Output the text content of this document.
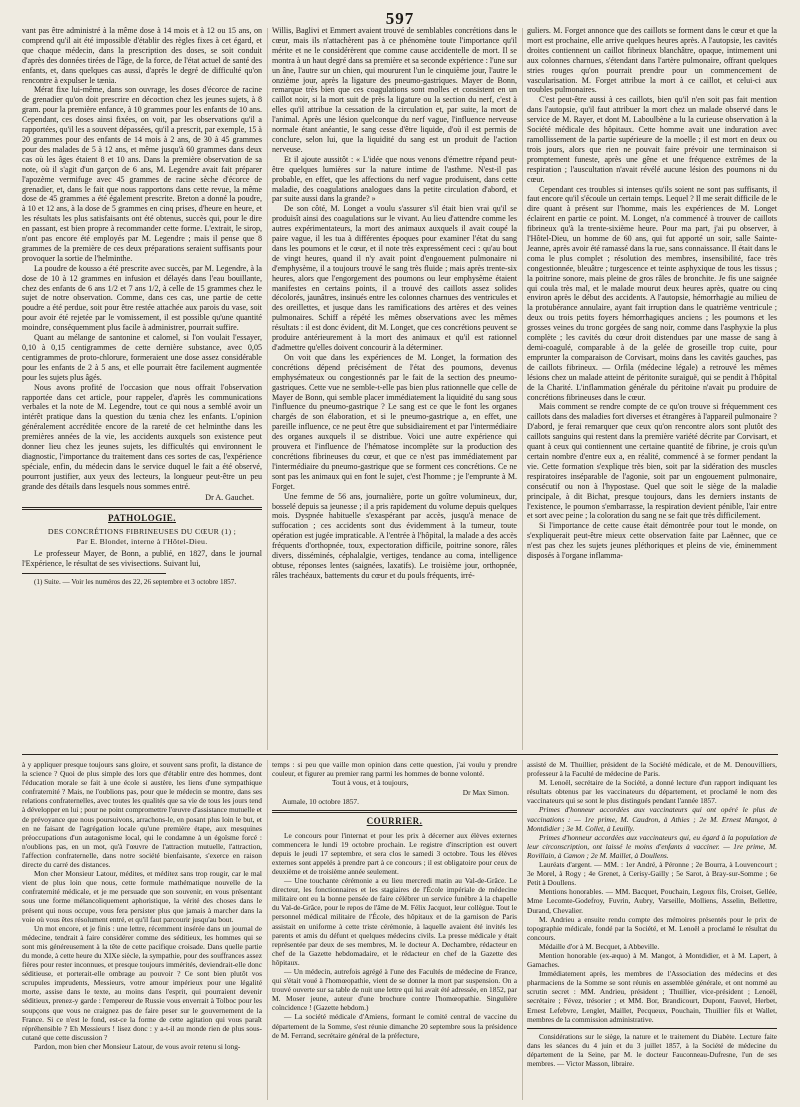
597

vant pas être administré à la même dose à 14 mois et à 12 ou 15 ans, on comprend qu'il ait été impossible d'établir des règles fixes à cet égard, et que chaque médecin, dans la prescription des doses, se soit conduit d'après des données tirées de l'âge, de la force, de l'état actuel de santé des enfants, et, dans quelques cas aussi, d'après le degré de difficulté qu'on rencontre à expulser le tænia.

Mérat fixe lui-même, dans son ouvrage, les doses d'écorce de racine de grenadier qu'on doit prescrire en décoction chez les jeunes sujets, à 8 gram. pour la première enfance, à 10 grammes pour les enfants de 10 ans. Cependant, ces doses ainsi fixées, on voit, par les observations qu'il a rapportées, qu'il les a souvent dépassées, qu'il a prescrit, par exemple, 15 à 20 grammes pour des enfants de 14 mois à 2 ans, de 30 à 45 grammes pour des malades de 5 à 12 ans, et même jusqu'à 60 grammes dans deux cas où les âges étaient 8 et 10 ans. Dans la première observation de sa note, où il s'agit d'un garçon de 6 ans, M. Legendre avait fait préparer l'apozème vermifuge avec 45 grammes de racine sèche d'écorce de grenadier, et, dans le fait que nous rapportons dans cette revue, la même dose de 45 grammes a été également prescrite. Breton a donné la poudre, à 10 et 12 ans, à la dose de 5 grammes en cinq prises, d'heure en heure, et les résultats les plus satisfaisants ont été obtenus, succès qui, pour le dire en passant, est bien propre à recommander cette forme. L'extrait, le sirop, n'ont pas encore été employés par M. Legendre ; mais il pense que 8 grammes de la première de ces deux préparations seraient suffisants pour provoquer la sortie de l'helminthe.

La poudre de kousso a été prescrite avec succès, par M. Legendre, à la dose de 10 à 12 grammes en infusion et délayés dans l'eau bouillante, chez des enfants de 6 ans 1/2 et 7 ans 1/2, à celle de 15 grammes chez le sujet de notre observation. Comme, dans ces cas, une partie de cette poudre a été perdue, soit pour être restée attachée aux parois du vase, soit pour avoir été rejetée par le vomissement, il est possible qu'une quantité moindre, conséquemment plus facile à administrer, pourrait suffire.

Quant au mélange de santonine et calomel, si l'on voulait l'essayer, 0,10 à 0,15 centigrammes de cette dernière substance, avec 0,05 centigrammes de proto-chlorure, formeraient une dose assez considérable pour les enfants de 2 à 5 ans, et elle pourrait être facilement augmentée pour les sujets plus âgés.

Nous avons profité de l'occasion que nous offrait l'observation rapportée dans cet article, pour rappeler, d'après les communications verbales et la note de M. Legendre, tout ce qui nous a semblé avoir un intérêt pratique dans la question du tænia chez les enfants. L'opinion généralement accréditée encore de la rareté de cet helminthe dans les premières années de la vie, les accidents auxquels son existence peut donner lieu chez les jeunes sujets, les difficultés qui environnent le diagnostic, l'importance du traitement dans ces sortes de cas, l'expérience spéciale, enfin, du médecin dans le service duquel le fait a été observé, pourront justifier, aux yeux des lecteurs, la longueur peut-être un peu grande des détails dans lesquels nous sommes entré.

Dr A. Gauchet.
PATHOLOGIE.
DES CONCRÉTIONS FIBRINEUSES DU CŒUR (1) ;
Par E. Blondet, interne à l'Hôtel-Dieu.

Le professeur Mayer, de Bonn, a publié, en 1827, dans le journal l'Expérience, le résultat de ses vivisections. Suivant lui,

(1) Suite. — Voir les numéros des 22, 26 septembre et 3 octobre 1857.

Willis, Baglivi et Emmert avaient trouvé de semblables concrétions dans le cœur, mais ils n'attachèrent pas à ce phénomène toute l'importance qu'il mérite et ne le considérèrent que comme cause accidentelle de mort. Il se montra à un haut degré dans sa première et sa seconde expérience : l'une sur un âne, l'autre sur un chien, qui moururent l'un le cinquième jour, l'autre le onzième jour, après la ligature des pneumo-gastriques. Mayer de Bonn, remarque très bien que ces coagulations sont molles et consistent en un caillot noir, si la mort suit de près la ligature ou la section du nerf, c'est à elles qu'il attribue la cessation de la circulation et, par suite, la mort de l'animal. Après une lésion quelconque du nerf vague, l'influence nerveuse normale étant anéantie, le sang cesse d'être liquide, d'où il est permis de conclure, selon lui, que la liquidité du sang est un produit de l'action nerveuse.

Et il ajoute aussitôt : « L'idée que nous venons d'émettre répand peut-être quelques lumières sur la nature intime de l'asthme. N'est-il pas probable, en effet, que les affections du nerf vague produisent, dans cette maladie, des coagulations analogues dans la petite circulation d'abord, et par suite aussi dans la grande? »

De son côté, M. Longet a voulu s'assurer s'il était bien vrai qu'il se produisît ainsi des coagulations sur le vivant. Au lieu d'attendre comme les autres expérimentateurs, la mort des animaux auxquels il avait coupé la paire vague, il les tua à différentes époques pour examiner l'état du sang dans les poumons et le cœur, et il note très expressément ceci : qu'au bout de vingt heures, quand il n'y avait point d'engouement pulmonaire ni d'emphysème, il a toujours trouvé le sang très fluide ; mais après trente-six heures, alors que l'engorgement des poumons ou leur emphysème étaient manifestes en certains points, il a trouvé des caillots assez solides décolorés, jaunâtres, insinués entre les colonnes charnues des ventricules et des oreillettes, et jusque dans les ramifications des artères et des veines pulmonaires. Schiff a répété les mêmes observations avec les mêmes résultats : il est donc évident, dit M. Longet, que ces concrétions peuvent se produire antérieurement à la mort des animaux et qu'il est rationnel d'admettre qu'elles doivent concourir à la déterminer.

On voit que dans les expériences de M. Longet, la formation des concrétions dépend précisément de l'état des poumons, devenus emphysémateux ou congestionnés par le fait de la section des pneumo-gastriques. Cette vue ne semble-t-elle pas bien plus rationnelle que celle de Mayer de Bonn, qui semble placer immédiatement la liquidité du sang sous l'influence du pneumo-gastrique ? Le sang est ce que le font les organes chargés de son élaboration, et si le pneumo-gastrique a, en effet, une pareille influence, ce ne peut être que subsidiairement et par l'intermédiaire des organes auxquels il se distribue. Voici une autre expérience qui prouvera et l'influence de l'hématose incomplète sur la production des concrétions fibrineuses du cœur, et que ce n'est pas immédiatement par l'intermédiaire du pneumo-gastrique que se forment ces concrétions. Ce ne sont pas les animaux qui en font le sujet, c'est l'homme ; je l'emprunte à M. Forget.

Une femme de 56 ans, journalière, porte un goître volumineux, dur, bosselé depuis sa jeunesse ; il a pris rapidement du volume depuis quelques mois. Dyspnée habituelle s'exaspérant par accès, jusqu'à menace de suffocation ; ces accidents sont dus évidemment à la tumeur, toute opération est jugée impraticable. A l'entrée à l'hôpital, la malade a des accès fréquents d'orthopnée, toux, expectoration difficile, poitrine sonore, râles divers, disséminés, céphalalgie, vertiges, tendance au coma, intelligence obtuse, réponses lentes (saignées, laxatifs). Le troisième jour, orthopnée, râles trachéaux, battements du cœur et du pouls fréquents, irré-

guliers. M. Forget annonce que des caillots se forment dans le cœur et que la mort est prochaine, elle arrive quelques heures après. A l'autopsie, les cavités droites contiennent un caillot fibrineux blanchâtre, opaque, intimement uni aux colonnes charnues, s'étendant dans l'artère pulmonaire, offrant quelques stries rouges qu'on pourrait prendre pour un commencement de vascularisation. M. Forget attribue la mort à ce caillot, et celui-ci aux troubles pulmonaires.

C'est peut-être aussi à ces caillots, bien qu'il n'en soit pas fait mention dans l'autopsie, qu'il faut attribuer la mort chez un malade observé dans le service de M. Rayer, et dont M. Laboulbène a lu la curieuse observation à la Société médicale des hôpitaux. Cette homme avait une induration avec ramollissement de la partie supérieure de la moelle ; il est mort en deux ou trois jours, alors que rien ne pouvait faire prévoir une terminaison si promptement funeste, après une gêne et une fréquence extrêmes de la respiration ; l'auscultation n'avait révélé aucune lésion des poumons ni du cœur.

Cependant ces troubles si intenses qu'ils soient ne sont pas suffisants, il faut encore qu'il s'écoule un certain temps. Lequel ? Il me serait difficile de le dire quant à présent sur l'homme, mais les expériences de M. Longet éclairent en partie ce point. M. Longet, n'a commencé à trouver de caillots fibrineux qu'à la trente-sixième heure. Pour ma part, j'ai pu observer, à l'Hôtel-Dieu, un homme de 60 ans, qui fut apporté un soir, salle Sainte-Jeanne, après avoir été ramassé dans la rue, sans connaissance. Il était dans le coma le plus complet ; résolution des membres, insensibilité, face très congestionnée, bleuâtre ; turgescence et teinte asphyxique de tous les tissus ; la poitrine sonore, mais pleine de gros râles de bronchite. Je fis une saignée qui coula très mal, et le malade mourut deux heures après, quatre ou cinq environ après le début des accidents. A l'autopsie, hémorrhagie au milieu de la protubérance annulaire, ayant fait irruption dans le quatrième ventricule ; deux ou trois petits foyers hémorrhagiques anciens ; les poumons et les grosses veines du tronc gorgées de sang noir, comme dans l'asphyxie la plus complète ; les cavités du cœur droit distendues par une masse de sang à demi-coagulé, comparable à de la gelée de groseille trop cuite, pour emprunter la comparaison de Corvisart, moins dans les cavités gauches, pas de caillots fibrineux. — Orfila (médecine légale) a retrouvé les mêmes lésions chez un malade atteint de péritonite suraiguë, qui se pendit à l'hôpital de la Charité. L'inflammation générale du péritoine n'avait pu produire de concrétions fibrineuses dans le cœur.

Mais comment se rendre compte de ce qu'on trouve si fréquemment ces caillots dans des maladies fort diverses et étrangères à l'appareil pulmonaire ? D'abord, je ferai remarquer que ceux qu'on rencontre alors sont plutôt des caillots sanguins qui restent dans la première variété décrite par Corvisart, et quant à ceux qui contiennent une certaine quantité de fibrine, je crois qu'un certain nombre d'entre eux a, en réalité, commencé à se former pendant la vie. Cette formation s'explique très bien, soit par la sidération des muscles respiratoires inséparable de l'agonie, soit par un engouement pulmonaire, consécutif ou non à l'hypostase. Quel que soit le siège de la maladie principale, à dit Bichat, presque toujours, dans les derniers instants de l'existence, le poumon s'embarrasse, la respiration devient pénible, l'air entre et sort avec peine ; la coloration du sang ne se fait que très difficilement.

Si l'importance de cette cause était démontrée pour tout le monde, on s'expliquerait peut-être mieux cette observation faite par Laënnec, que ce n'est pas chez les sujets jeunes pléthoriques et pleins de vie, éminemment disposés à l'organe inflamma-

à y appliquer presque toujours sans gloire, et souvent sans profit, la distance de la science ? Quoi de plus simple des lors que d'établir entre des hommes, dont l'éducation morale se fait à une école si austère, les liens d'une sympathique confraternité ? Mais, ne l'oublions pas, pour que le médecin se montre, dans ses relations confraternelles, avec toutes les qualités que sa vie de tous les jours tend à développer en lui ; pour ne point compromettre l'œuvre d'assistance mutuelle et de prévoyance que nous poursuivons, arrachons-le, en posant plus loin le but, et en ne faisant de l'agrégation locale qu'une première étape, aux mesquines préoccupations d'un autagonisme local, qui le condamne à un égoïsme forcé : n'oublions pas, en un mot, qu'à l'œuvre de l'attraction mutuelle, l'attraction, l'affection confraternelle, dans notre société bienfaisante, s'exerce en raison directe du carré des distances.

Mon cher Monsieur Latour, médites, et méditez sans trop rougir, car le mal vient de plus loin que nous, cette formule mathématique nouvelle de la confraternité médicale, et je me persuade que son souvenir, en vous présentant sous une forme mélancoliquement aphoristique, la vérité des choses dans le présent qui nous occupe, vous fera persister plus que jamais à marcher dans la voie où vous êtes résolument entré, et qu'il faut parcourir jusqu'au bout.

Un mot encore, et je finis : une lettre, récemment insérée dans un journal de médecine, tendrait à faire considérer comme des séditieux, les hommes qui se sont mis généreusement à la tête de cette pacifique croisade. Dans quelle partie du monde, à cette heure du XIXe siècle, la sympathie, pour des souffrances assez fières pour rester inconnues, et presque toujours immérités, deviendrait-elle donc séditieuse, et porterait-elle ombrage au pouvoir ? Ce sont bien plutôt vos scrupules imprudents, Messieurs, votre amour impérieux pour une légalité morte, assise dans le texte, au moins dans l'esprit, qui pourraient devenir séditieux, prenez-y garde : l'empereur de Russie vous enverrait à Tolboc pour les soupçons que vous ne craignez pas de faire peser sur le gouvernement de la France. Si ce n'est le fond, est-ce la forme de cette agitation qui vous paraît répréhensible ? Eh Messieurs ! lisez donc : y a-t-il au monde rien de plus sous-cutané que cette discussion ?

Pardon, mon bien cher Monsieur Latour, de vous avoir retenu si long-

temps : si peu que vaille mon opinion dans cette question, j'ai voulu y prendre couleur, et figurer au premier rang parmi les hommes de bonne volonté.

Tout à vous, et à toujours,

Dr Max Simon.

Aumale, 10 octobre 1857.

COURRIER.

Le concours pour l'internat et pour les prix à décerner aux élèves externes commencera le lundi 19 octobre prochain. Le registre d'inscription est ouvert depuis le jeudi 17 septembre, et sera clos le samedi 3 octobre. Tous les élèves externes sont appelés à prendre part à ce concours ; il est obligatoire pour ceux de deuxième et de troisième année seulement.

— Une touchante cérémonie a eu lieu mercredi matin au Val-de-Grâce. Le directeur, les fonctionnaires et les stagiaires de l'École impériale de médecine militaire ont eu la bonne pensée de faire célébrer un service funèbre à la chapelle du Val-de-Grâce, pour le repos de l'âme de M. Félix Jacquot, leur collègue. Tout le personnel médical militaire de l'École, des hôpitaux et de la garnison de Paris assistait en uniforme à cette triste cérémonie, à laquelle avaient été invités les parents et amis du défunt et quelques médecins civils. La presse médicale y était représentée par deux de ses membres, M. le docteur A. Dechambre, rédacteur en chef de la Gazette hebdomadaire, et le rédacteur en chef de la Gazette des hôpitaux.

— Un médecin, autrefois agrégé à l'une des Facultés de médecine de France, qui s'était voué à l'homœopathie, vient de se donner la mort par suspension. On a trouvé ouverte sur sa table de nuit une lettre qui lui avait été adressée, en 1852, par M. Moser jeune, auteur d'une brochure contre l'homœopathie. Singulière coïncidence ! (Gazette hebdom.)

— La société médicale d'Amiens, formant le comité central de vaccine du département de la Somme, s'est réunie dimanche 20 septembre sous la présidence de M. Ferrand, secrétaire général de la préfecture,

assisté de M. Thuillier, président de la Société médicale, et de M. Denouvilliers, professeur à la Faculté de médecine de Paris.

M. Lenoël, secrétaire de la Société, a donné lecture d'un rapport indiquant les résultats obtenus par les vaccinateurs du département, et proclamé le nom des vaccinateurs qui se sont le plus distingués pendant l'année 1857.

Primes d'honneur accordées aux vaccinateurs qui ont opéré le plus de vaccinations : — 1re prime, M. Caudron, à Athies ; 2e M. Ernest Mangot, à Montdidier ; 3e M. Collet, à Leuilly.

Primes d'honneur accordées aux vaccinateurs qui, eu égard à la population de leur circonscription, ont laissé le moins d'enfants à vacciner. — 1re prime, M. Rovillain, à Camon ; 2e M. Maillet, à Doullens.

Lauréats d'argent. — MM. : 1er André, à Péronne ; 2e Bourra, à Louvencourt ; 3e Morel, à Rogy ; 4e Grenet, à Cerisy-Gailly ; 5e Sarot, à Bray-sur-Somme ; 6e Petit à Doullens.

Mentions honorables. — MM. Bacquet, Pouchain, Legoux fils, Croiset, Gellée, Mme Lecomte-Godefroy, Fuvrin, Aubry, Varseille, Molliens, Asselin, Bellettre, Durand, Chevalier.

M. Andrieu a ensuite rendu compte des mémoires présentés pour le prix de topographie médicale, fondé par la Société, et M. Lenoël a proclamé le résultat du concours.

Médaille d'or à M. Becquet, à Abbeville.

Mention honorable (ex-æquo) à M. Mangot, à Montdidier, et à M. Lapert, à Gamaches.

Immédiatement après, les membres de l'Association des médecins et des pharmaciens de la Somme se sont réunis en assemblée générale, et ont nommé au scrutin secret : MM. Andrieu, président ; Thuillier, vice-président ; Lenoël, secrétaire ; Févez, trésorier ; et MM. Bor, Brandicourt, Dupont, Fauvel, Herbet, Ernest Lefebvre, Lenglet, Maillet, Pecqueux, Pouchain, Thuillier fils et Wallet, membres de la commission administrative.

Considérations sur le siège, la nature et le traitement du Diabète. Lecture faite dans les séances du 4 juin et du 3 juillet 1857, à la Société de médecine du département de la Seine, par M. le docteur Fauconneau-Dufresne, l'un de ses membres. — Victor Masson, libraire.
